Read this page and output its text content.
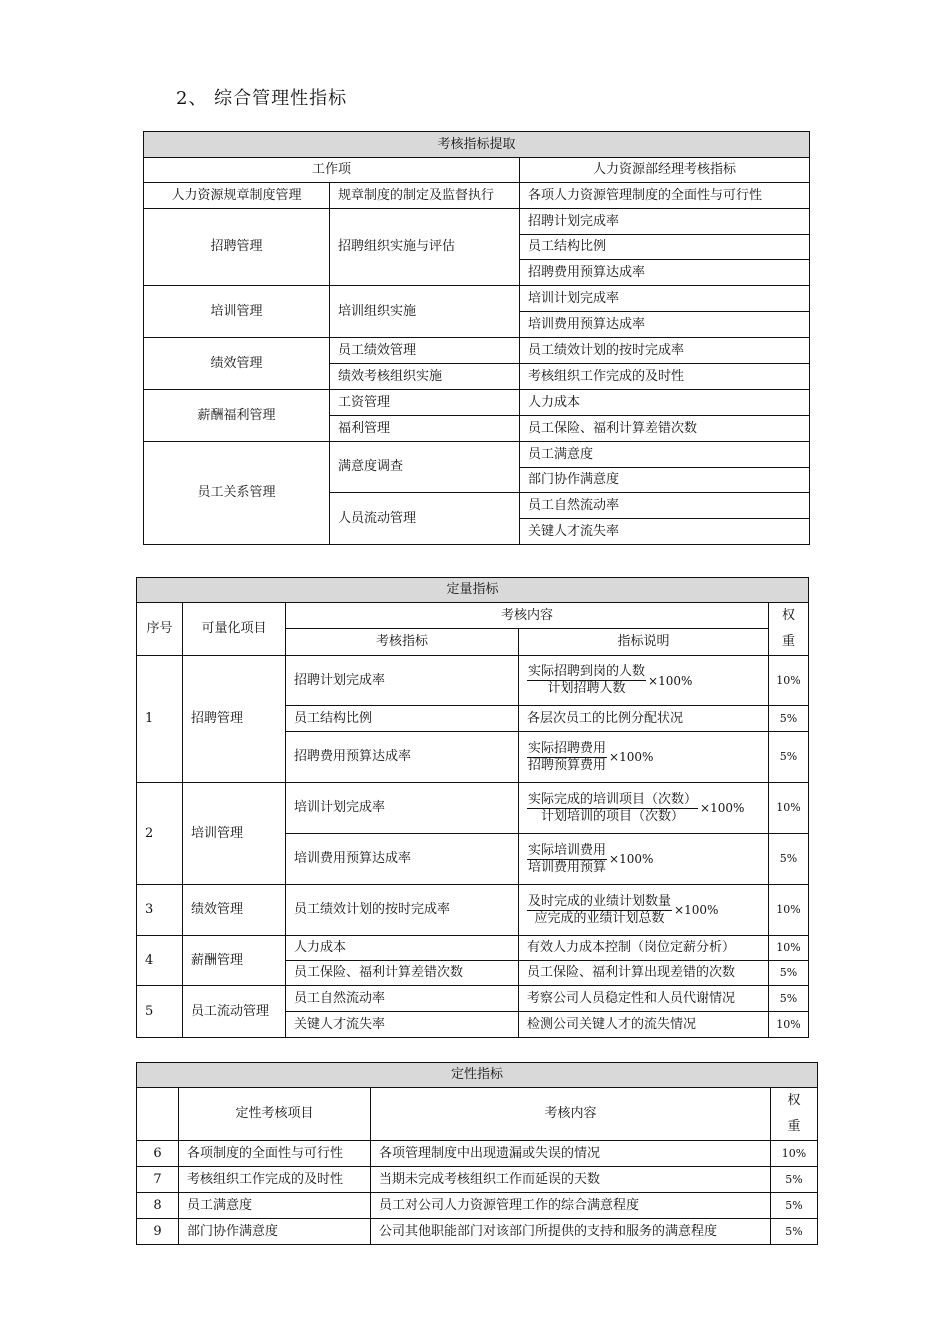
2、 综合管理性指标
考核指标提取		
工作项		人力资源部经理考核指标
人力资源规章制度管理	规章制度的制定及监督执行	各项人力资源管理制度的全面性与可行性
招聘管理	招聘组织实施与评估	招聘计划完成率
		员工结构比例
		招聘费用预算达成率
培训管理	培训组织实施	培训计划完成率
		培训费用预算达成率
绩效管理	员工绩效管理	员工绩效计划的按时完成率
	绩效考核组织实施	考核组织工作完成的及时性
薪酬福利管理	工资管理	人力成本
	福利管理	员工保险、福利计算差错次数
员工关系管理	满意度调查	员工满意度
		部门协作满意度
	人员流动管理	员工自然流动率
		关键人才流失率
定量指标				
序号	可量化项目	考核内容		权
重
		考核指标	指标说明	
1	招聘管理	招聘计划完成率	$\frac{\text{实际招聘到岗的人数}}{\text{计划招聘人数}} \times 100\%$	10%
		员工结构比例	各层次员工的比例分配状况	5%
		招聘费用预算达成率	$\frac{\text{实际招聘费用}}{\text{招聘预算费用}} \times 100\%$	5%
2	培训管理	培训计划完成率	$\frac{\text{实际完成的培训项目（次数）}}{\text{计划培训的项目（次数）}} \times 100\%$	10%
		培训费用预算达成率	$\frac{\text{实际培训费用}}{\text{培训费用预算}} \times 100\%$	5%
3	绩效管理	员工绩效计划的按时完成率	$\frac{\text{及时完成的业绩计划数量}}{\text{应完成的业绩计划总数}} \times 100\%$	10%
4	薪酬管理	人力成本	有效人力成本控制（岗位定薪分析）	10%
		员工保险、福利计算差错次数	员工保险、福利计算出现差错的次数	5%
5	员工流动管理	员工自然流动率	考察公司人员稳定性和人员代谢情况	5%
		关键人才流失率	检测公司关键人才的流失情况	10%
定性指标			
	定性考核项目	考核内容	权
重
6	各项制度的全面性与可行性	各项管理制度中出现遗漏或失误的情况	10%
7	考核组织工作完成的及时性	当期未完成考核组织工作而延误的天数	5%
8	员工满意度	员工对公司人力资源管理工作的综合满意程度	5%
9	部门协作满意度	公司其他职能部门对该部门所提供的支持和服务的满意程度	5%
